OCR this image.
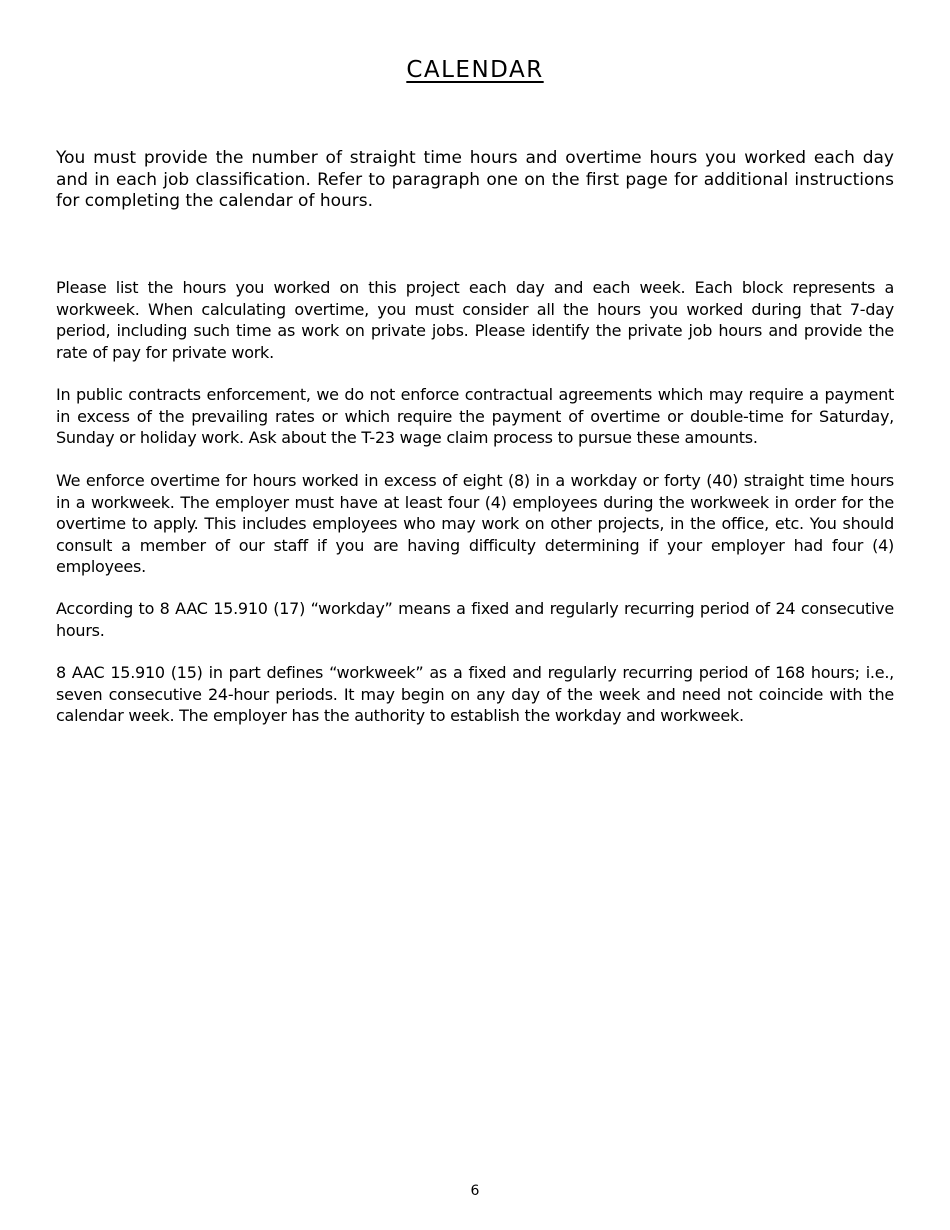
CALENDAR

You must provide the number of straight time hours and overtime hours you worked each day and in each job classification. Refer to paragraph one on the first page for additional instructions for completing the calendar of hours.

Please list the hours you worked on this project each day and each week. Each block represents a workweek. When calculating overtime, you must consider all the hours you worked during that 7-day period, including such time as work on private jobs. Please identify the private job hours and provide the rate of pay for private work.

In public contracts enforcement, we do not enforce contractual agreements which may require a payment in excess of the prevailing rates or which require the payment of overtime or double-time for Saturday, Sunday or holiday work. Ask about the T-23 wage claim process to pursue these amounts.

We enforce overtime for hours worked in excess of eight (8) in a workday or forty (40) straight time hours in a workweek. The employer must have at least four (4) employees during the workweek in order for the overtime to apply. This includes employees who may work on other projects, in the office, etc. You should consult a member of our staff if you are having difficulty determining if your employer had four (4) employees.

According to 8 AAC 15.910 (17) “workday” means a fixed and regularly recurring period of 24 consecutive hours.

8 AAC 15.910 (15) in part defines “workweek” as a fixed and regularly recurring period of 168 hours; i.e., seven consecutive 24-hour periods. It may begin on any day of the week and need not coincide with the calendar week. The employer has the authority to establish the workday and workweek.

6
